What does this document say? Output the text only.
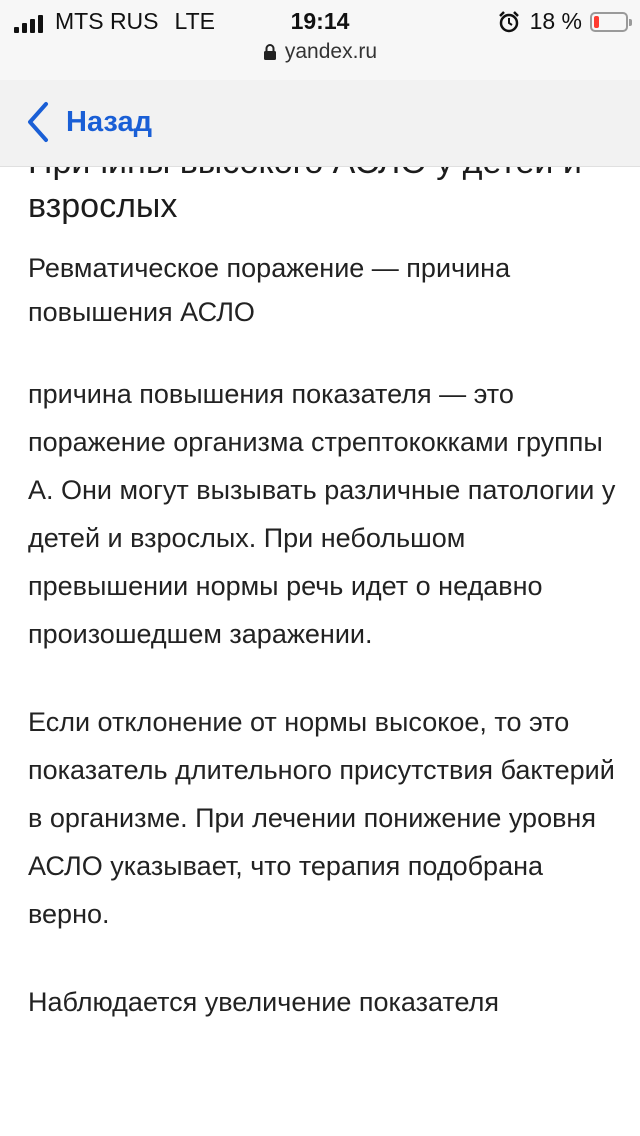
MTS RUS LTE	19:14	18 %
yandex.ru
Назад
взрослых

Ревматическое поражение — причина повышения АСЛО

причина повышения показателя — это поражение организма стрептококками группы А. Они могут вызывать различные патологии у детей и взрослых. При небольшом превышении нормы речь идет о недавно произошедшем заражении.

Если отклонение от нормы высокое, то это показатель длительного присутствия бактерий в организме. При лечении понижение уровня АСЛО указывает, что терапия подобрана верно.

Наблюдается увеличение показателя
